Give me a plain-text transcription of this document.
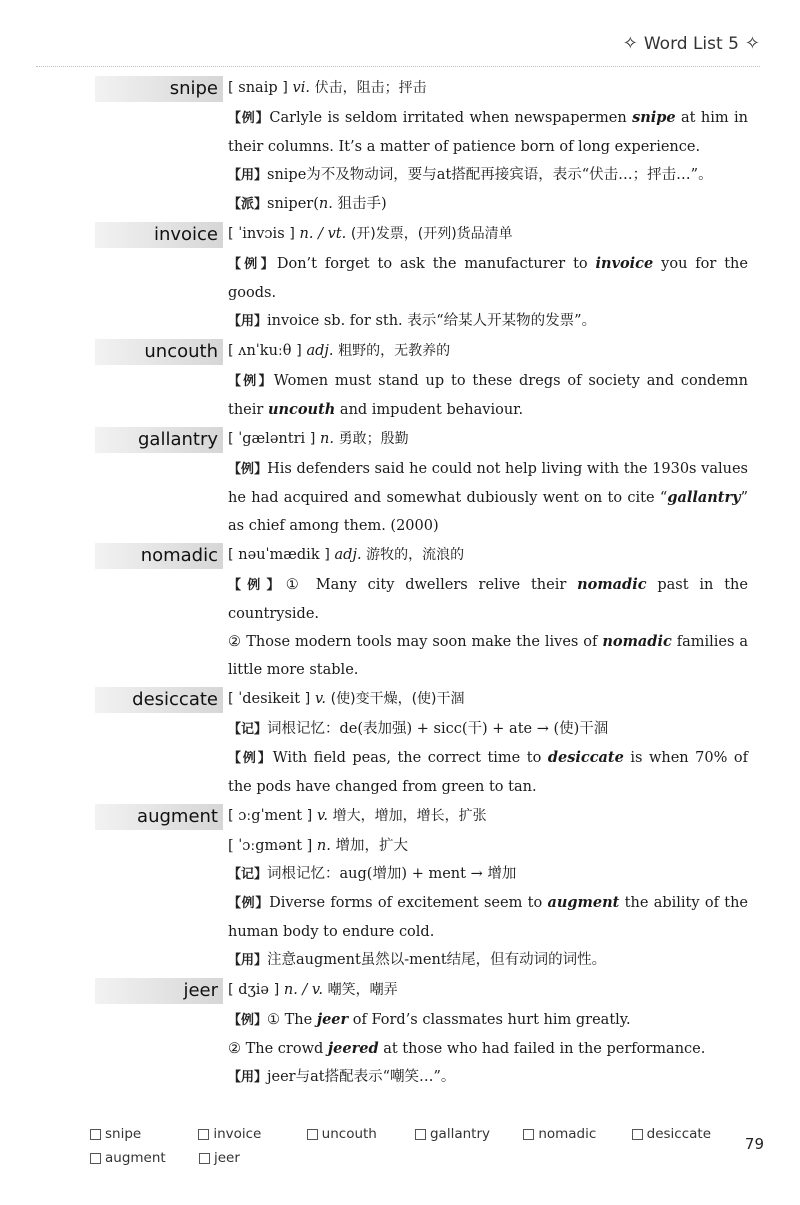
✧ Word List 5 ✧
snipe [ snaip ] vi. 伏击，阻击；抨击
【例】Carlyle is seldom irritated when newspapermen snipe at him in their columns. It’s a matter of patience born of long experience.
【用】snipe为不及物动词，要与at搭配再接宾语，表示“伏击…；抨击…”。
【派】sniper(n. 狙击手)
invoice [ ˈinvɔis ] n. / vt. (开)发票，(开列)货品清单
【例】Don’t forget to ask the manufacturer to invoice you for the goods.
【用】invoice sb. for sth. 表示“给某人开某物的发票”。
uncouth [ ʌnˈkuːθ ] adj. 粗野的，无教养的
【例】Women must stand up to these dregs of society and condemn their uncouth and impudent behaviour.
gallantry [ ˈgæləntri ] n. 勇敢；殷勤
【例】His defenders said he could not help living with the 1930s values he had acquired and somewhat dubiously went on to cite “gallantry” as chief among them. (2000)
nomadic [ nəuˈmædik ] adj. 游牧的，流浪的
【例】① Many city dwellers relive their nomadic past in the countryside.
② Those modern tools may soon make the lives of nomadic families a little more stable.
desiccate [ ˈdesikeit ] v. (使)变干燥，(使)干涸
【记】词根记忆：de(表加强) + sicc(干) + ate → (使)干涸
【例】With field peas, the correct time to desiccate is when 70% of the pods have changed from green to tan.
augment [ ɔːgˈment ] v. 增大，增加，增长，扩张
[ ˈɔːgmənt ] n. 增加，扩大
【记】词根记忆：aug(增加) + ment → 增加
【例】Diverse forms of excitement seem to augment the ability of the human body to endure cold.
【用】注意augment虽然以-ment结尾，但有动词的词性。
jeer [ dʒiə ] n. / v. 嘲笑，嘲弄
【例】① The jeer of Ford’s classmates hurt him greatly.
② The crowd jeered at those who had failed in the performance.
【用】jeer与at搭配表示“嘲笑…”。
snipe	invoice	uncouth	gallantry	nomadic	desiccate
augment	jeer
79
